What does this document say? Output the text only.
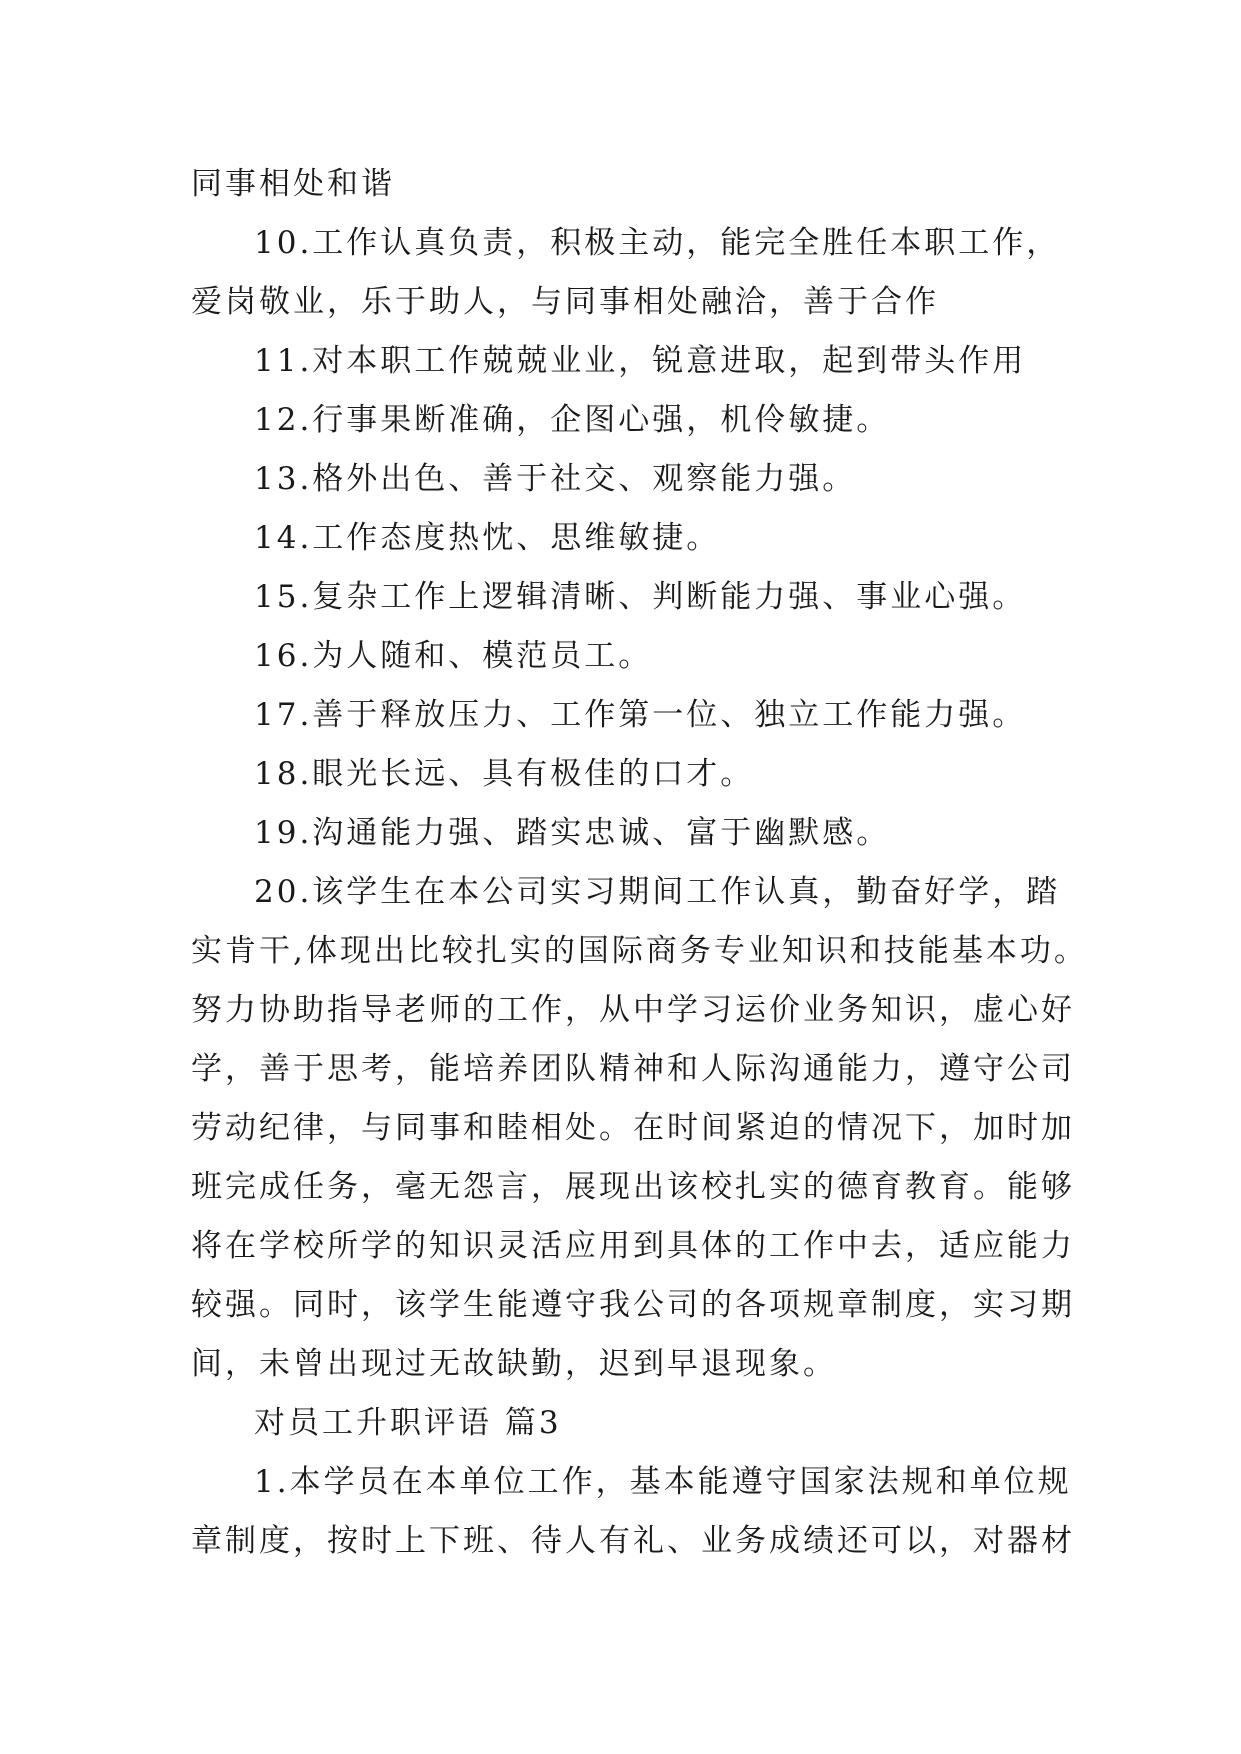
同事相处和谐
10.工作认真负责，积极主动，能完全胜任本职工作，
爱岗敬业，乐于助人，与同事相处融洽，善于合作
11.对本职工作兢兢业业，锐意进取，起到带头作用
12.行事果断准确，企图心强，机伶敏捷。
13.格外出色、善于社交、观察能力强。
14.工作态度热忱、思维敏捷。
15.复杂工作上逻辑清晰、判断能力强、事业心强。
16.为人随和、模范员工。
17.善于释放压力、工作第一位、独立工作能力强。
18.眼光长远、具有极佳的口才。
19.沟通能力强、踏实忠诚、富于幽默感。
20.该学生在本公司实习期间工作认真，勤奋好学，踏
实肯干,体现出比较扎实的国际商务专业知识和技能基本功。
努力协助指导老师的工作，从中学习运价业务知识，虚心好
学，善于思考，能培养团队精神和人际沟通能力，遵守公司
劳动纪律，与同事和睦相处。在时间紧迫的情况下，加时加
班完成任务，毫无怨言，展现出该校扎实的德育教育。能够
将在学校所学的知识灵活应用到具体的工作中去，适应能力
较强。同时，该学生能遵守我公司的各项规章制度，实习期
间，未曾出现过无故缺勤，迟到早退现象。
对员工升职评语 篇3
1.本学员在本单位工作，基本能遵守国家法规和单位规
章制度，按时上下班、待人有礼、业务成绩还可以，对器材
